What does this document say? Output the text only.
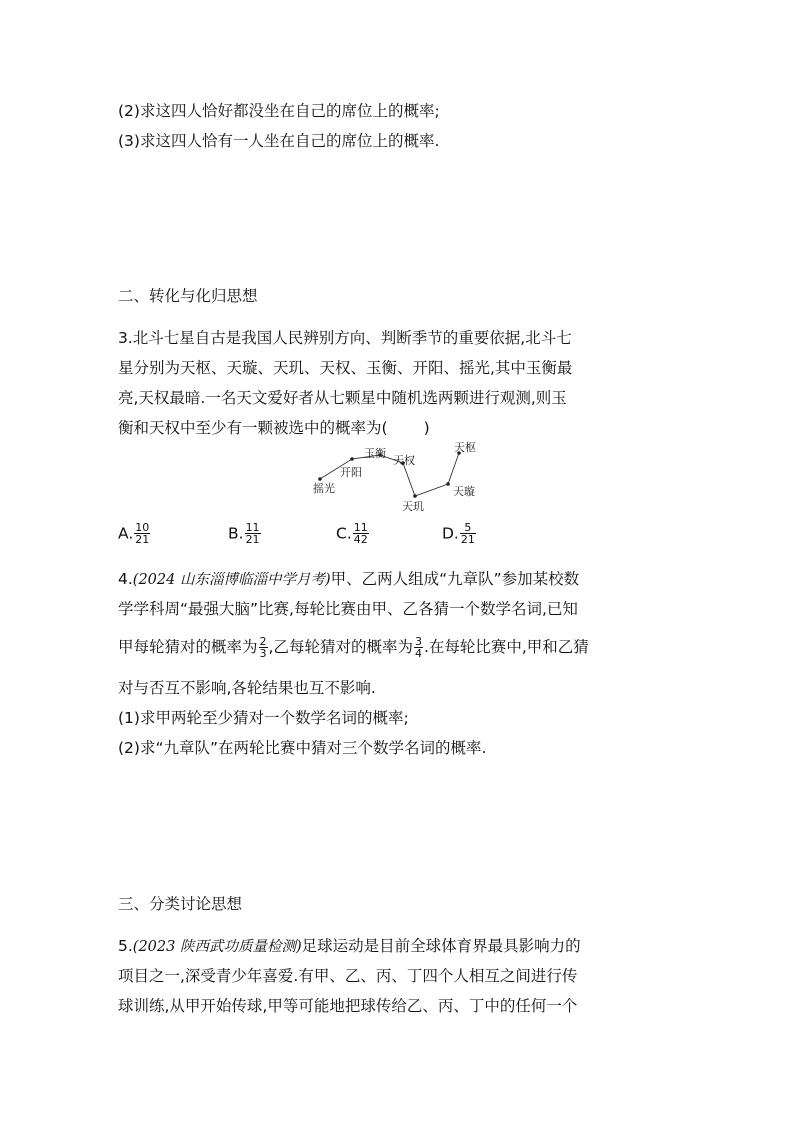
(2)求这四人恰好都没坐在自己的席位上的概率;
(3)求这四人恰有一人坐在自己的席位上的概率.
二、转化与化归思想
3.北斗七星自古是我国人民辨别方向、判断季节的重要依据,北斗七
星分别为天枢、天璇、天玑、天权、玉衡、开阳、摇光,其中玉衡最
亮,天权最暗.一名天文爱好者从七颗星中随机选两颗进行观测,则玉
衡和天权中至少有一颗被选中的概率为( )
摇光
开阳
玉衡
天权
天玑
天璇
天枢
A. $\frac{10}{21}$	B. $\frac{11}{21}$	C. $\frac{11}{42}$	D. $\frac{5}{21}$
4.(2024 山东淄博临淄中学月考)甲、乙两人组成“九章队”参加某校数
学学科周“最强大脑”比赛,每轮比赛由甲、乙各猜一个数学名词,已知
甲每轮猜对的概率为 $\frac{2}{3}$ ,乙每轮猜对的概率为 $\frac{3}{4}$ .在每轮比赛中,甲和乙猜
对与否互不影响,各轮结果也互不影响.
(1)求甲两轮至少猜对一个数学名词的概率;
(2)求“九章队”在两轮比赛中猜对三个数学名词的概率.
三、分类讨论思想
5.(2023 陕西武功质量检测)足球运动是目前全球体育界最具影响力的
项目之一,深受青少年喜爱.有甲、乙、丙、丁四个人相互之间进行传
球训练,从甲开始传球,甲等可能地把球传给乙、丙、丁中的任何一个
